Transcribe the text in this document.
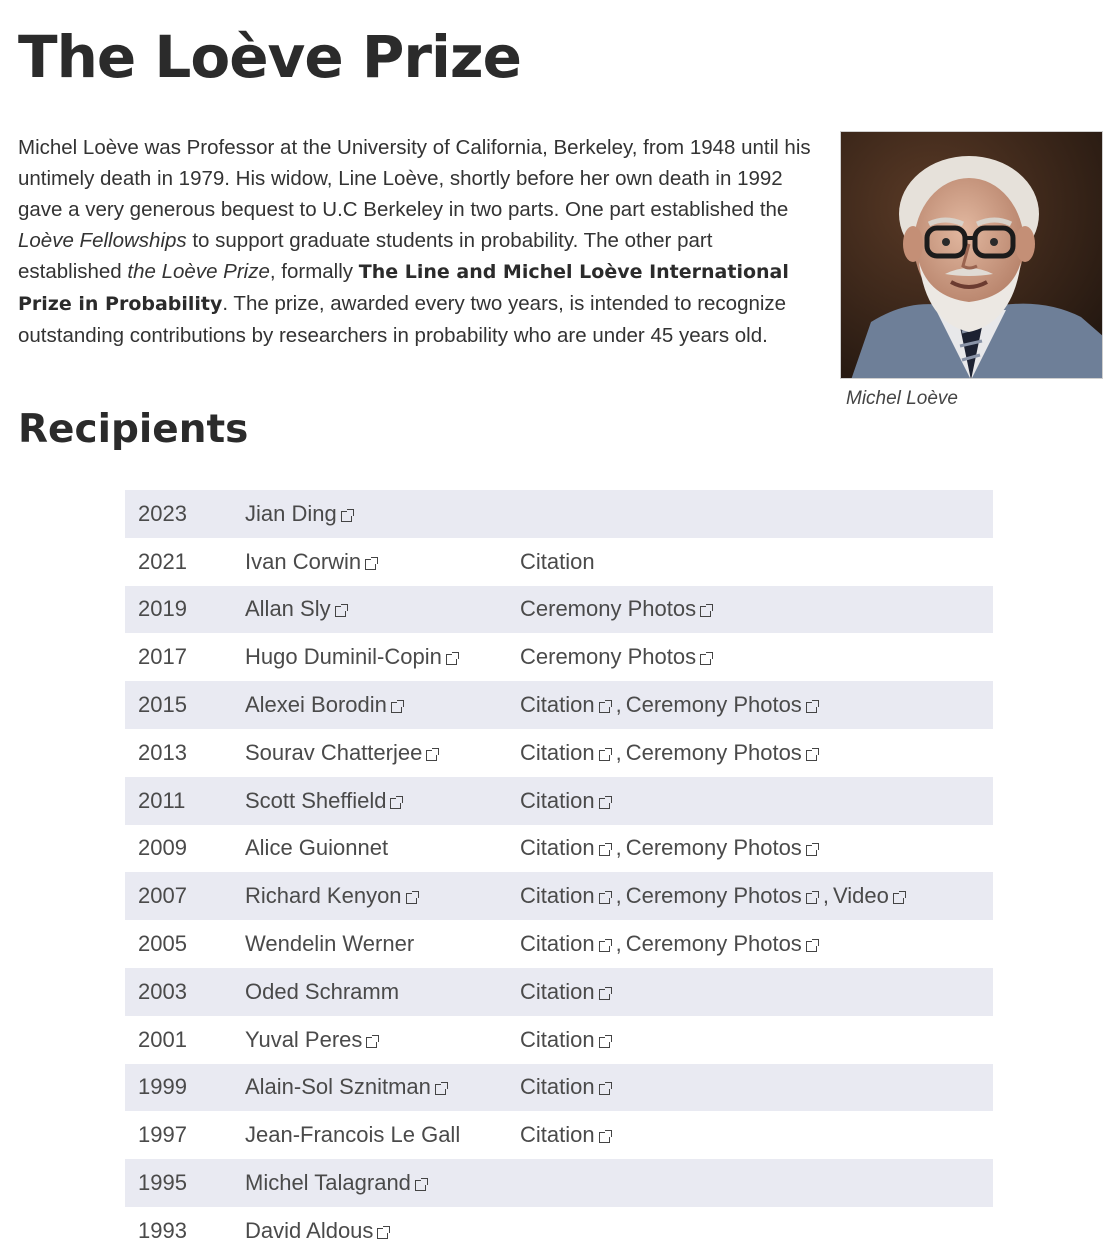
The Loève Prize

Michel Loève was Professor at the University of California, Berkeley, from 1948 until his untimely death in 1979. His widow, Line Loève, shortly before her own death in 1992 gave a very generous bequest to U.C Berkeley in two parts. One part established the Loève Fellowships to support graduate students in probability. The other part established the Loève Prize, formally The Line and Michel Loève International Prize in Probability. The prize, awarded every two years, is intended to recognize outstanding contributions by researchers in probability who are under 45 years old.

Michel Loève
Recipients
2023	Jian Ding	
2021	Ivan Corwin	Citation
2019	Allan Sly	Ceremony Photos
2017	Hugo Duminil-Copin	Ceremony Photos
2015	Alexei Borodin	Citation , Ceremony Photos
2013	Sourav Chatterjee	Citation , Ceremony Photos
2011	Scott Sheffield	Citation
2009	Alice Guionnet	Citation , Ceremony Photos
2007	Richard Kenyon	Citation , Ceremony Photos , Video
2005	Wendelin Werner	Citation , Ceremony Photos
2003	Oded Schramm	Citation
2001	Yuval Peres	Citation
1999	Alain-Sol Sznitman	Citation
1997	Jean-Francois Le Gall	Citation
1995	Michel Talagrand	
1993	David Aldous	
